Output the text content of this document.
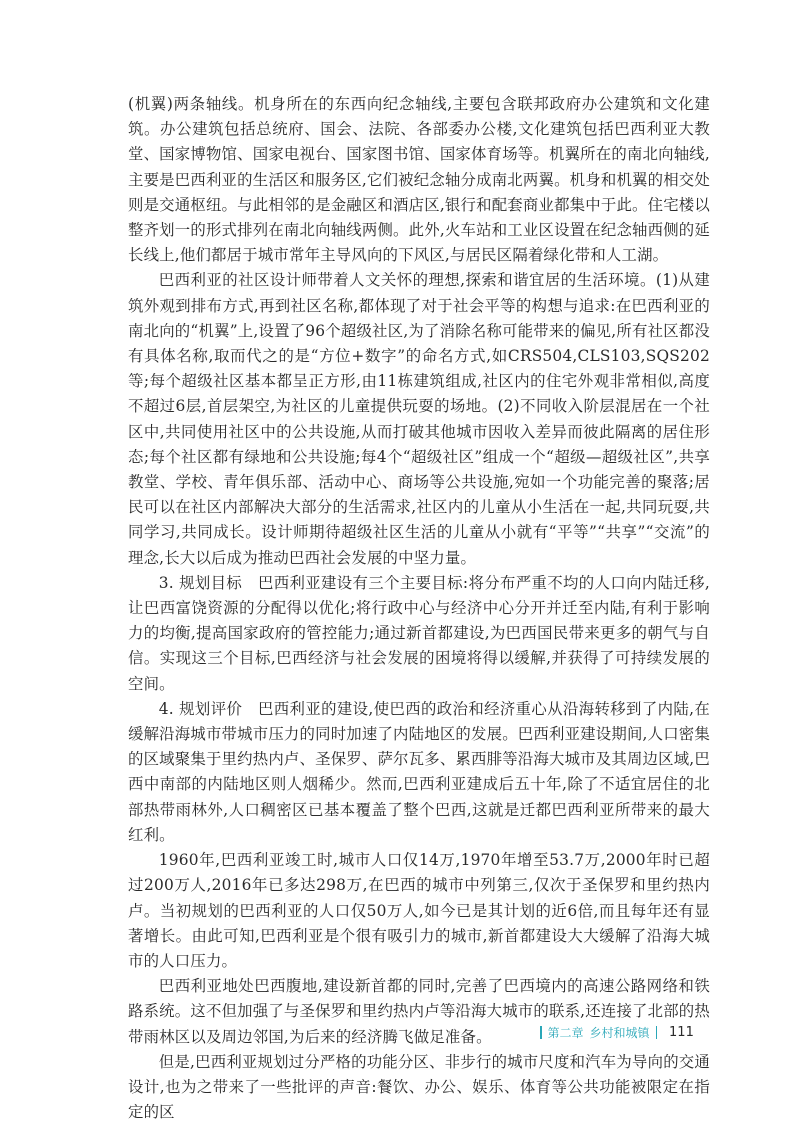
(机翼)两条轴线。机身所在的东西向纪念轴线,主要包含联邦政府办公建筑和文化建筑。办公建筑包括总统府、国会、法院、各部委办公楼,文化建筑包括巴西利亚大教堂、国家博物馆、国家电视台、国家图书馆、国家体育场等。机翼所在的南北向轴线,主要是巴西利亚的生活区和服务区,它们被纪念轴分成南北两翼。机身和机翼的相交处则是交通枢纽。与此相邻的是金融区和酒店区,银行和配套商业都集中于此。住宅楼以整齐划一的形式排列在南北向轴线两侧。此外,火车站和工业区设置在纪念轴西侧的延长线上,他们都居于城市常年主导风向的下风区,与居民区隔着绿化带和人工湖。

巴西利亚的社区设计师带着人文关怀的理想,探索和谐宜居的生活环境。(1)从建筑外观到排布方式,再到社区名称,都体现了对于社会平等的构想与追求:在巴西利亚的南北向的“机翼”上,设置了96个超级社区,为了消除名称可能带来的偏见,所有社区都没有具体名称,取而代之的是“方位+数字”的命名方式,如CRS504,CLS103,SQS202等;每个超级社区基本都呈正方形,由11栋建筑组成,社区内的住宅外观非常相似,高度不超过6层,首层架空,为社区的儿童提供玩耍的场地。(2)不同收入阶层混居在一个社区中,共同使用社区中的公共设施,从而打破其他城市因收入差异而彼此隔离的居住形态;每个社区都有绿地和公共设施;每4个“超级社区”组成一个“超级—超级社区”,共享教堂、学校、青年俱乐部、活动中心、商场等公共设施,宛如一个功能完善的聚落;居民可以在社区内部解决大部分的生活需求,社区内的儿童从小生活在一起,共同玩耍,共同学习,共同成长。设计师期待超级社区生活的儿童从小就有“平等”“共享”“交流”的理念,长大以后成为推动巴西社会发展的中坚力量。

3. 规划目标　巴西利亚建设有三个主要目标:将分布严重不均的人口向内陆迁移,让巴西富饶资源的分配得以优化;将行政中心与经济中心分开并迁至内陆,有利于影响力的均衡,提高国家政府的管控能力;通过新首都建设,为巴西国民带来更多的朝气与自信。实现这三个目标,巴西经济与社会发展的困境将得以缓解,并获得了可持续发展的空间。

4. 规划评价　巴西利亚的建设,使巴西的政治和经济重心从沿海转移到了内陆,在缓解沿海城市带城市压力的同时加速了内陆地区的发展。巴西利亚建设期间,人口密集的区域聚集于里约热内卢、圣保罗、萨尔瓦多、累西腓等沿海大城市及其周边区域,巴西中南部的内陆地区则人烟稀少。然而,巴西利亚建成后五十年,除了不适宜居住的北部热带雨林外,人口稠密区已基本覆盖了整个巴西,这就是迁都巴西利亚所带来的最大红利。

1960年,巴西利亚竣工时,城市人口仅14万,1970年增至53.7万,2000年时已超过200万人,2016年已多达298万,在巴西的城市中列第三,仅次于圣保罗和里约热内卢。当初规划的巴西利亚的人口仅50万人,如今已是其计划的近6倍,而且每年还有显著增长。由此可知,巴西利亚是个很有吸引力的城市,新首都建设大大缓解了沿海大城市的人口压力。

巴西利亚地处巴西腹地,建设新首都的同时,完善了巴西境内的高速公路网络和铁路系统。这不但加强了与圣保罗和里约热内卢等沿海大城市的联系,还连接了北部的热带雨林区以及周边邻国,为后来的经济腾飞做足准备。

但是,巴西利亚规划过分严格的功能分区、非步行的城市尺度和汽车为导向的交通设计,也为之带来了一些批评的声音:餐饮、办公、娱乐、体育等公共功能被限定在指定的区

第二章 乡村和城镇 111
